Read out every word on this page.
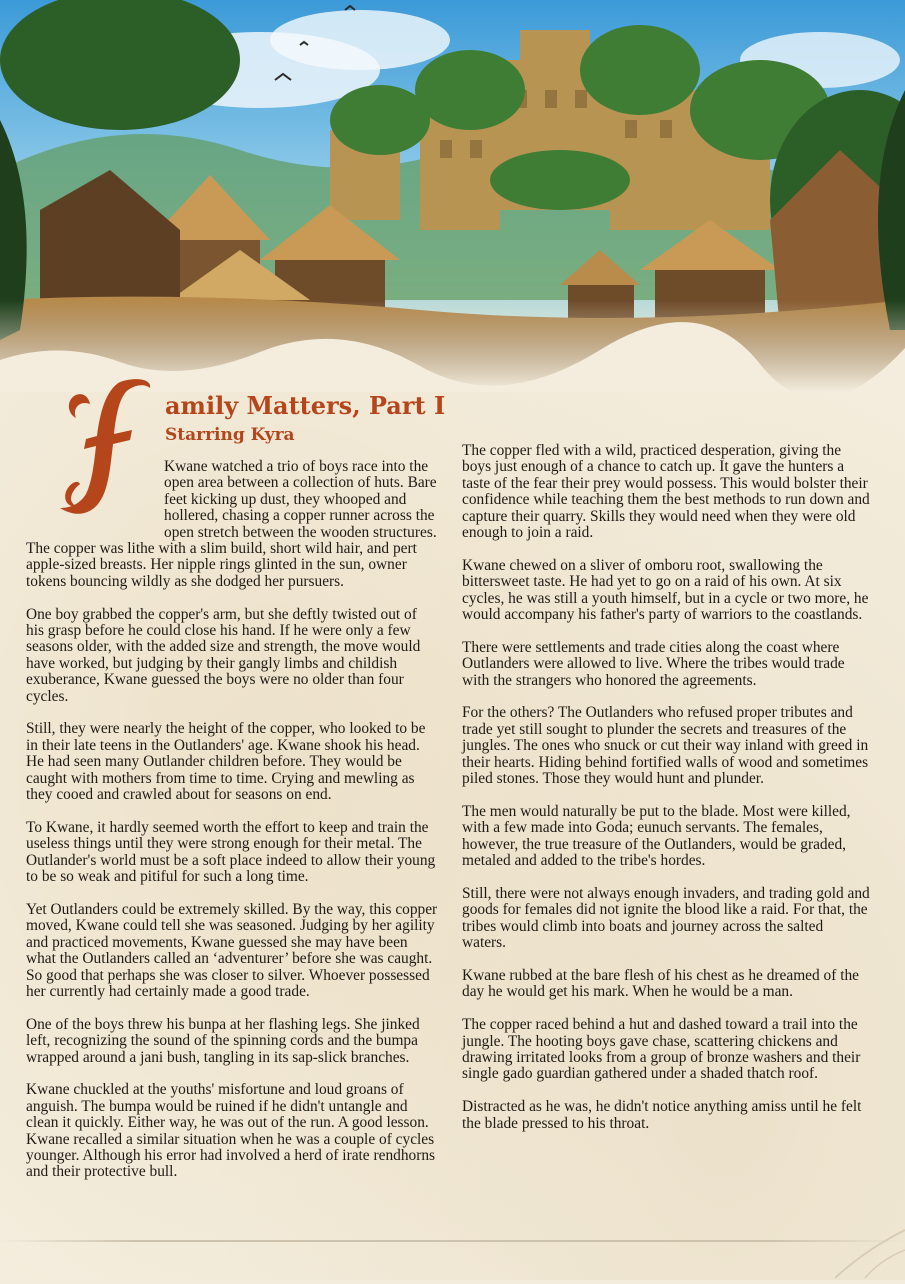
amily Matters, Part I
Starring Kyra

Kwane watched a trio of boys race into the open area between a collection of huts. Bare feet kicking up dust, they whooped and hollered, chasing a copper runner across the open stretch between the wooden structures. The copper was lithe with a slim build, short wild hair, and pert apple-sized breasts. Her nipple rings glinted in the sun, owner tokens bouncing wildly as she dodged her pursuers.

One boy grabbed the copper's arm, but she deftly twisted out of his grasp before he could close his hand. If he were only a few seasons older, with the added size and strength, the move would have worked, but judging by their gangly limbs and childish exuberance, Kwane guessed the boys were no older than four cycles.

Still, they were nearly the height of the copper, who looked to be in their late teens in the Outlanders' age. Kwane shook his head. He had seen many Outlander children before. They would be caught with mothers from time to time. Crying and mewling as they cooed and crawled about for seasons on end.

To Kwane, it hardly seemed worth the effort to keep and train the useless things until they were strong enough for their metal. The Outlander's world must be a soft place indeed to allow their young to be so weak and pitiful for such a long time.

Yet Outlanders could be extremely skilled. By the way, this copper moved, Kwane could tell she was seasoned. Judging by her agility and practiced movements, Kwane guessed she may have been what the Outlanders called an ‘adventurer’ before she was caught. So good that perhaps she was closer to silver. Whoever possessed her currently had certainly made a good trade.

One of the boys threw his bunpa at her flashing legs. She jinked left, recognizing the sound of the spinning cords and the bumpa wrapped around a jani bush, tangling in its sap-slick branches.

Kwane chuckled at the youths' misfortune and loud groans of anguish. The bumpa would be ruined if he didn't untangle and clean it quickly. Either way, he was out of the run. A good lesson. Kwane recalled a similar situation when he was a couple of cycles younger. Although his error had involved a herd of irate rendhorns and their protective bull.

The copper fled with a wild, practiced desperation, giving the boys just enough of a chance to catch up. It gave the hunters a taste of the fear their prey would possess. This would bolster their confidence while teaching them the best methods to run down and capture their quarry. Skills they would need when they were old enough to join a raid.

Kwane chewed on a sliver of omboru root, swallowing the bittersweet taste. He had yet to go on a raid of his own. At six cycles, he was still a youth himself, but in a cycle or two more, he would accompany his father's party of warriors to the coastlands.

There were settlements and trade cities along the coast where Outlanders were allowed to live. Where the tribes would trade with the strangers who honored the agreements.

For the others? The Outlanders who refused proper tributes and trade yet still sought to plunder the secrets and treasures of the jungles. The ones who snuck or cut their way inland with greed in their hearts. Hiding behind fortified walls of wood and sometimes piled stones. Those they would hunt and plunder.

The men would naturally be put to the blade. Most were killed, with a few made into Goda; eunuch servants. The females, however, the true treasure of the Outlanders, would be graded, metaled and added to the tribe's hordes.

Still, there were not always enough invaders, and trading gold and goods for females did not ignite the blood like a raid. For that, the tribes would climb into boats and journey across the salted waters.

Kwane rubbed at the bare flesh of his chest as he dreamed of the day he would get his mark. When he would be a man.

The copper raced behind a hut and dashed toward a trail into the jungle. The hooting boys gave chase, scattering chickens and drawing irritated looks from a group of bronze washers and their single gado guardian gathered under a shaded thatch roof.

Distracted as he was, he didn't notice anything amiss until he felt the blade pressed to his throat.
